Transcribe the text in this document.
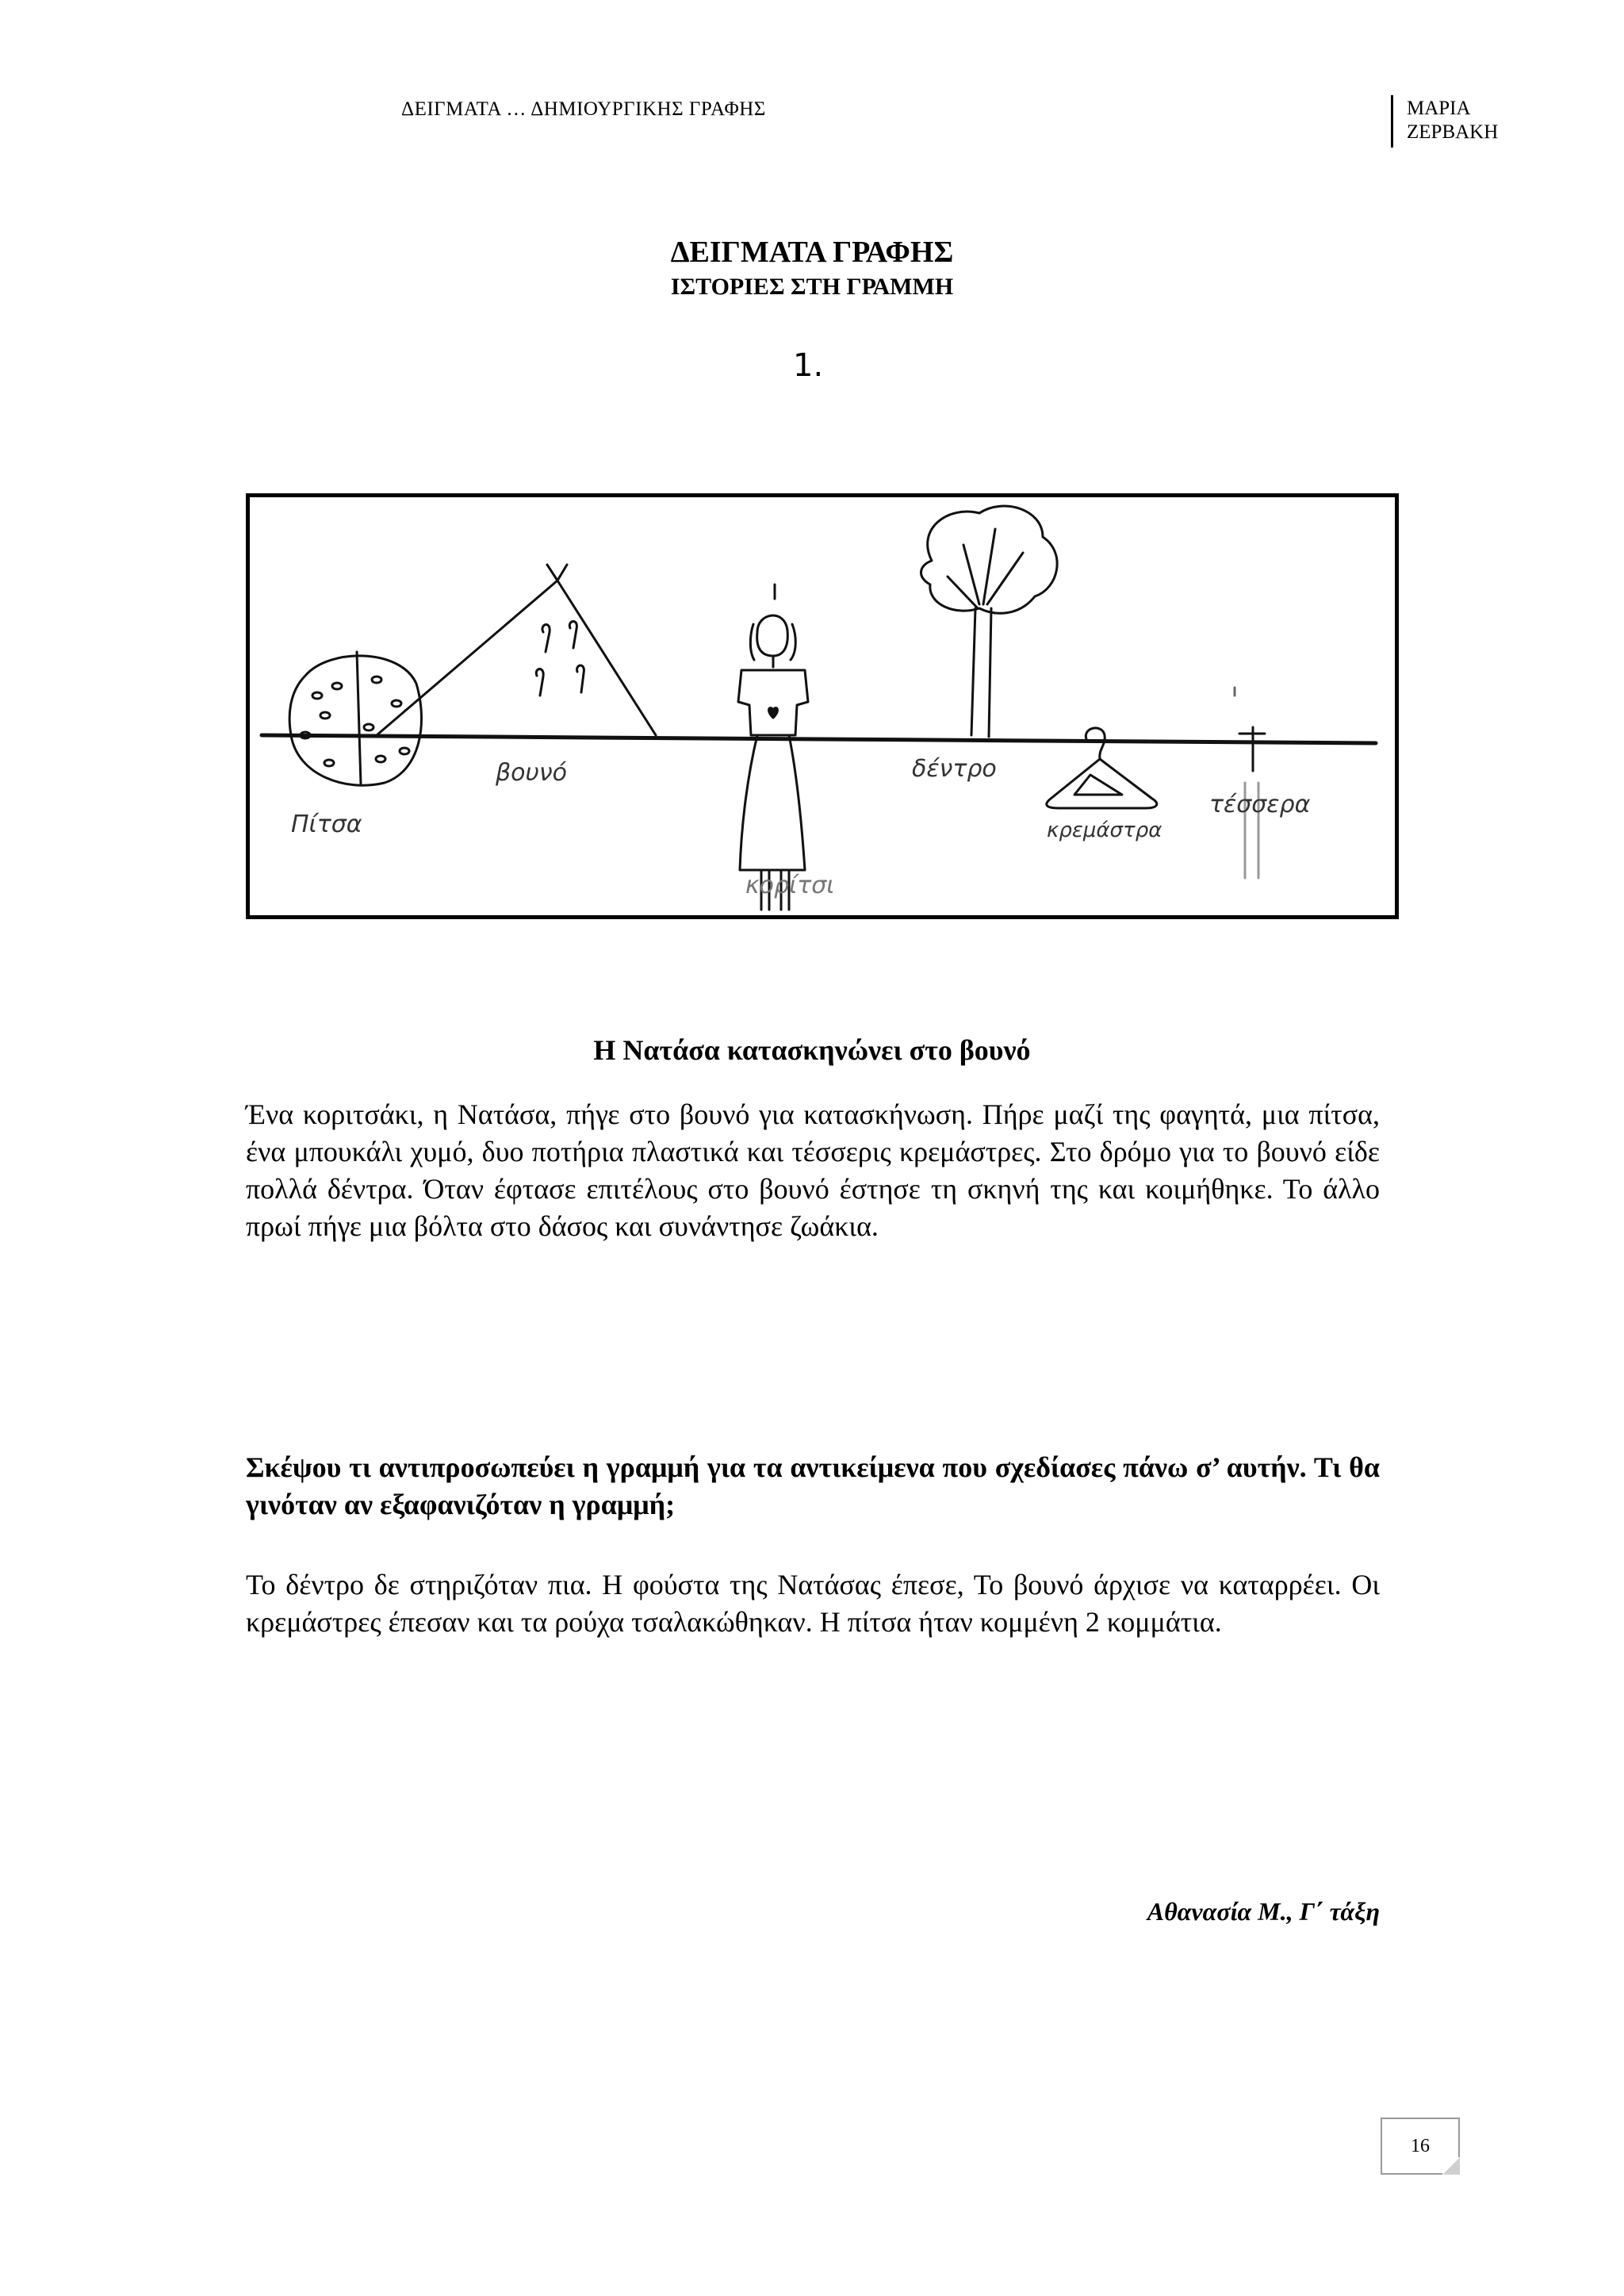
ΔΕΙΓΜΑΤΑ … ΔΗΜΙΟΥΡΓΙΚΗΣ ΓΡΑΦΗΣ	ΜΑΡΙΑ
ΖΕΡΒΑΚΗ
ΔΕΙΓΜΑΤΑ ΓΡΑΦΗΣ
ΙΣΤΟΡΙΕΣ ΣΤΗ ΓΡΑΜΜΗ
1.
Πίτσα
βουνό
κορίτσι
δέντρο
κρεμάστρα
τέσσερα
Η Νατάσα κατασκηνώνει στο βουνό
Ένα κοριτσάκι, η Νατάσα, πήγε στο βουνό για κατασκήνωση. Πήρε μαζί της φαγητά, μια πίτσα, ένα μπουκάλι χυμό, δυο ποτήρια πλαστικά και τέσσερις κρεμάστρες. Στο δρόμο για το βουνό είδε πολλά δέντρα. Όταν έφτασε επιτέλους στο βουνό έστησε τη σκηνή της και κοιμήθηκε. Το άλλο πρωί πήγε μια βόλτα στο δάσος και συνάντησε ζωάκια.
Σκέψου τι αντιπροσωπεύει η γραμμή για τα αντικείμενα που σχεδίασες πάνω σ’ αυτήν. Τι θα γινόταν αν εξαφανιζόταν η γραμμή;
Το δέντρο δε στηριζόταν πια. Η φούστα της Νατάσας έπεσε, Το βουνό άρχισε να καταρρέει. Οι κρεμάστρες έπεσαν και τα ρούχα τσαλακώθηκαν. Η πίτσα ήταν κομμένη 2 κομμάτια.
Αθανασία Μ., Γ΄ τάξη
16
